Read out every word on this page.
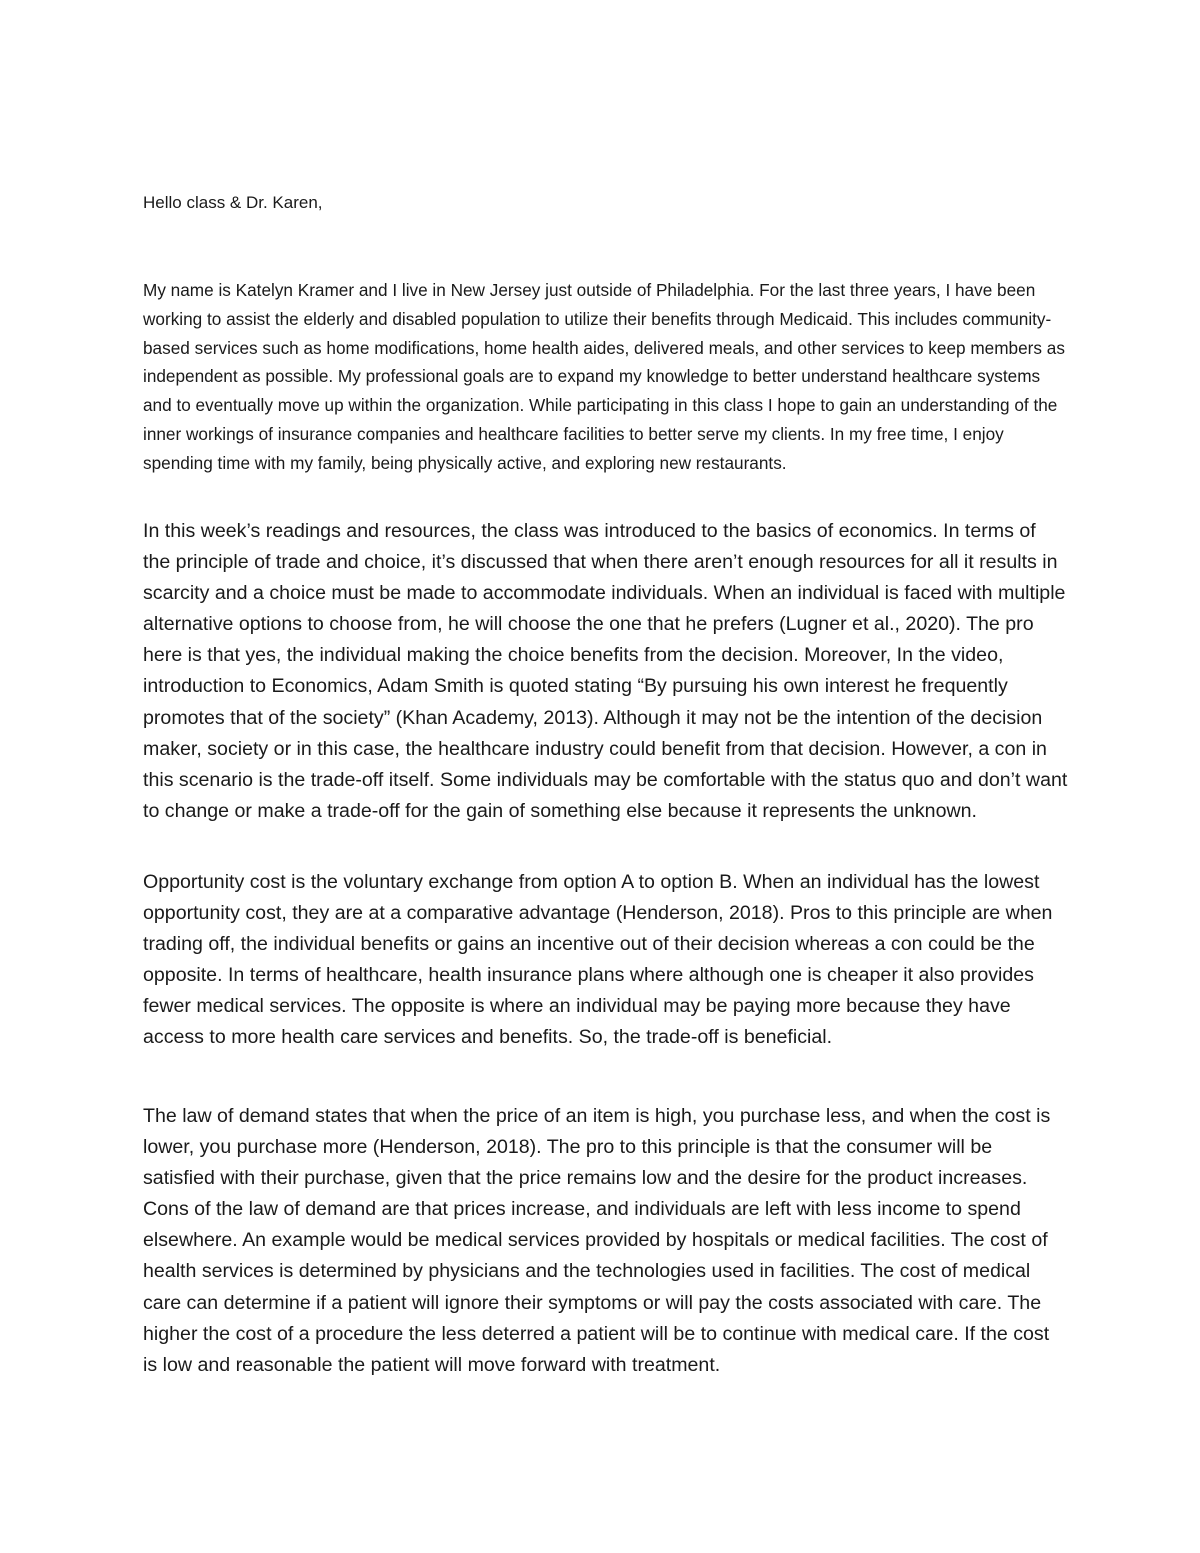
Hello class & Dr. Karen,

My name is Katelyn Kramer and I live in New Jersey just outside of Philadelphia. For the last three years, I have been working to assist the elderly and disabled population to utilize their benefits through Medicaid. This includes community-based services such as home modifications, home health aides, delivered meals, and other services to keep members as independent as possible. My professional goals are to expand my knowledge to better understand healthcare systems and to eventually move up within the organization. While participating in this class I hope to gain an understanding of the inner workings of insurance companies and healthcare facilities to better serve my clients. In my free time, I enjoy spending time with my family, being physically active, and exploring new restaurants.

In this week’s readings and resources, the class was introduced to the basics of economics. In terms of the principle of trade and choice, it’s discussed that when there aren’t enough resources for all it results in scarcity and a choice must be made to accommodate individuals. When an individual is faced with multiple alternative options to choose from, he will choose the one that he prefers (Lugner et al., 2020). The pro here is that yes, the individual making the choice benefits from the decision. Moreover, In the video, introduction to Economics, Adam Smith is quoted stating “By pursuing his own interest he frequently promotes that of the society” (Khan Academy, 2013). Although it may not be the intention of the decision maker, society or in this case, the healthcare industry could benefit from that decision. However, a con in this scenario is the trade-off itself. Some individuals may be comfortable with the status quo and don’t want to change or make a trade-off for the gain of something else because it represents the unknown.

Opportunity cost is the voluntary exchange from option A to option B. When an individual has the lowest opportunity cost, they are at a comparative advantage (Henderson, 2018). Pros to this principle are when trading off, the individual benefits or gains an incentive out of their decision whereas a con could be the opposite. In terms of healthcare, health insurance plans where although one is cheaper it also provides fewer medical services. The opposite is where an individual may be paying more because they have access to more health care services and benefits. So, the trade-off is beneficial.

The law of demand states that when the price of an item is high, you purchase less, and when the cost is lower, you purchase more (Henderson, 2018). The pro to this principle is that the consumer will be satisfied with their purchase, given that the price remains low and the desire for the product increases. Cons of the law of demand are that prices increase, and individuals are left with less income to spend elsewhere. An example would be medical services provided by hospitals or medical facilities. The cost of health services is determined by physicians and the technologies used in facilities. The cost of medical care can determine if a patient will ignore their symptoms or will pay the costs associated with care. The higher the cost of a procedure the less deterred a patient will be to continue with medical care. If the cost is low and reasonable the patient will move forward with treatment.
